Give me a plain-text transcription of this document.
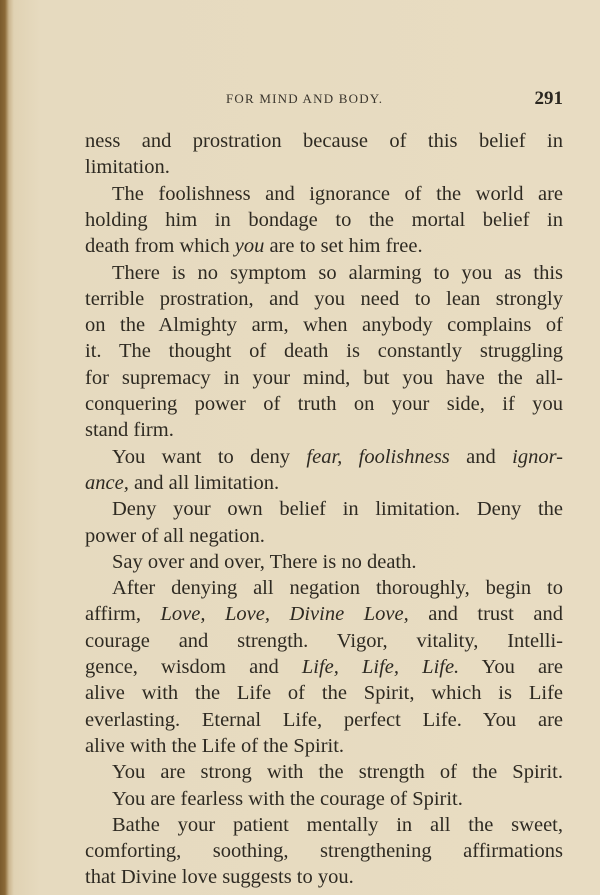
FOR MIND AND BODY.	291
ness and prostration because of this belief in
limitation.
The foolishness and ignorance of the world are
holding him in bondage to the mortal belief in
death from which you are to set him free.
There is no symptom so alarming to you as this
terrible prostration, and you need to lean strongly
on the Almighty arm, when anybody complains of
it. The thought of death is constantly struggling
for supremacy in your mind, but you have the all-
conquering power of truth on your side, if you
stand firm.
You want to deny fear, foolishness and ignor-
ance, and all limitation.
Deny your own belief in limitation. Deny the
power of all negation.
Say over and over, There is no death.
After denying all negation thoroughly, begin to
affirm, Love, Love, Divine Love, and trust and
courage and strength. Vigor, vitality, Intelli-
gence, wisdom and Life, Life, Life. You are
alive with the Life of the Spirit, which is Life
everlasting. Eternal Life, perfect Life. You are
alive with the Life of the Spirit.
You are strong with the strength of the Spirit.
You are fearless with the courage of Spirit.
Bathe your patient mentally in all the sweet,
comforting, soothing, strengthening affirmations
that Divine love suggests to you.
